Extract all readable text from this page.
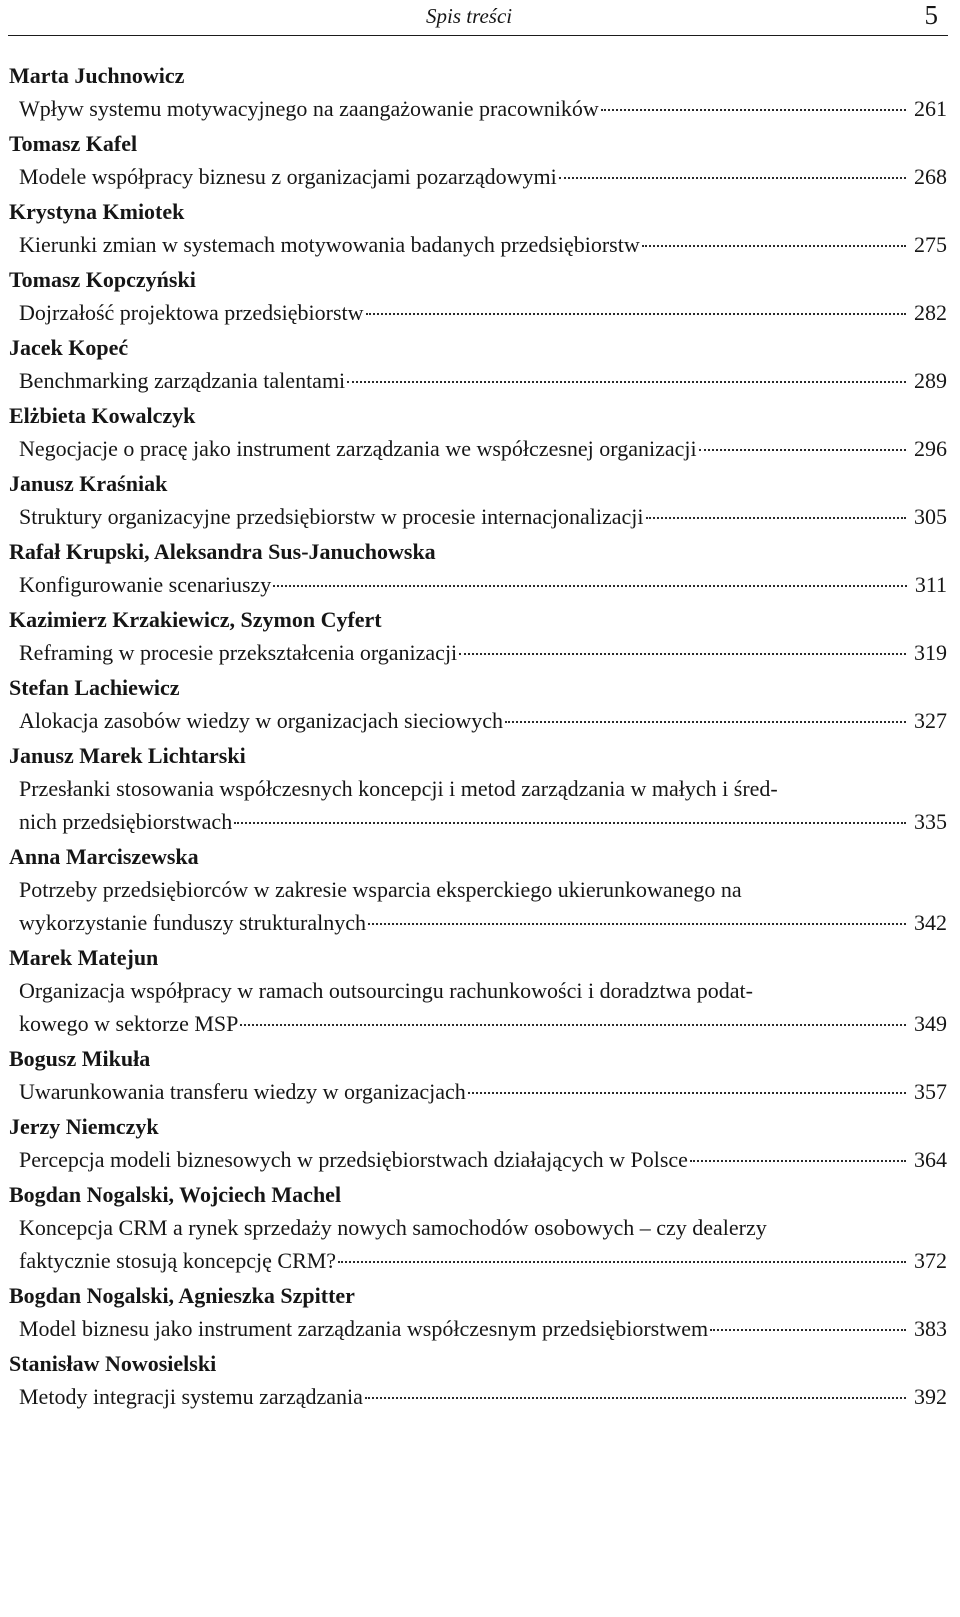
Spis treści	5
Marta Juchnowicz
Wpływ systemu motywacyjnego na zaangażowanie pracowników	261
Tomasz Kafel
Modele współpracy biznesu z organizacjami pozarządowymi	268
Krystyna Kmiotek
Kierunki zmian w systemach motywowania badanych przedsiębiorstw	275
Tomasz Kopczyński
Dojrzałość projektowa przedsiębiorstw	282
Jacek Kopeć
Benchmarking zarządzania talentami	289
Elżbieta Kowalczyk
Negocjacje o pracę jako instrument zarządzania we współczesnej organizacji	296
Janusz Kraśniak
Struktury organizacyjne przedsiębiorstw w procesie internacjonalizacji	305
Rafał Krupski, Aleksandra Sus-Januchowska
Konfigurowanie scenariuszy	311
Kazimierz Krzakiewicz, Szymon Cyfert
Reframing w procesie przekształcenia organizacji	319
Stefan Lachiewicz
Alokacja zasobów wiedzy w organizacjach sieciowych	327
Janusz Marek Lichtarski
Przesłanki stosowania współczesnych koncepcji i metod zarządzania w małych i śred-
nich przedsiębiorstwach	335
Anna Marciszewska
Potrzeby przedsiębiorców w zakresie wsparcia eksperckiego ukierunkowanego na
wykorzystanie funduszy strukturalnych	342
Marek Matejun
Organizacja współpracy w ramach outsourcingu rachunkowości i doradztwa podat-
kowego w sektorze MSP	349
Bogusz Mikuła
Uwarunkowania transferu wiedzy w organizacjach	357
Jerzy Niemczyk
Percepcja modeli biznesowych w przedsiębiorstwach działających w Polsce	364
Bogdan Nogalski, Wojciech Machel
Koncepcja CRM a rynek sprzedaży nowych samochodów osobowych – czy dealerzy
faktycznie stosują koncepcję CRM?	372
Bogdan Nogalski, Agnieszka Szpitter
Model biznesu jako instrument zarządzania współczesnym przedsiębiorstwem	383
Stanisław Nowosielski
Metody integracji systemu zarządzania	392
